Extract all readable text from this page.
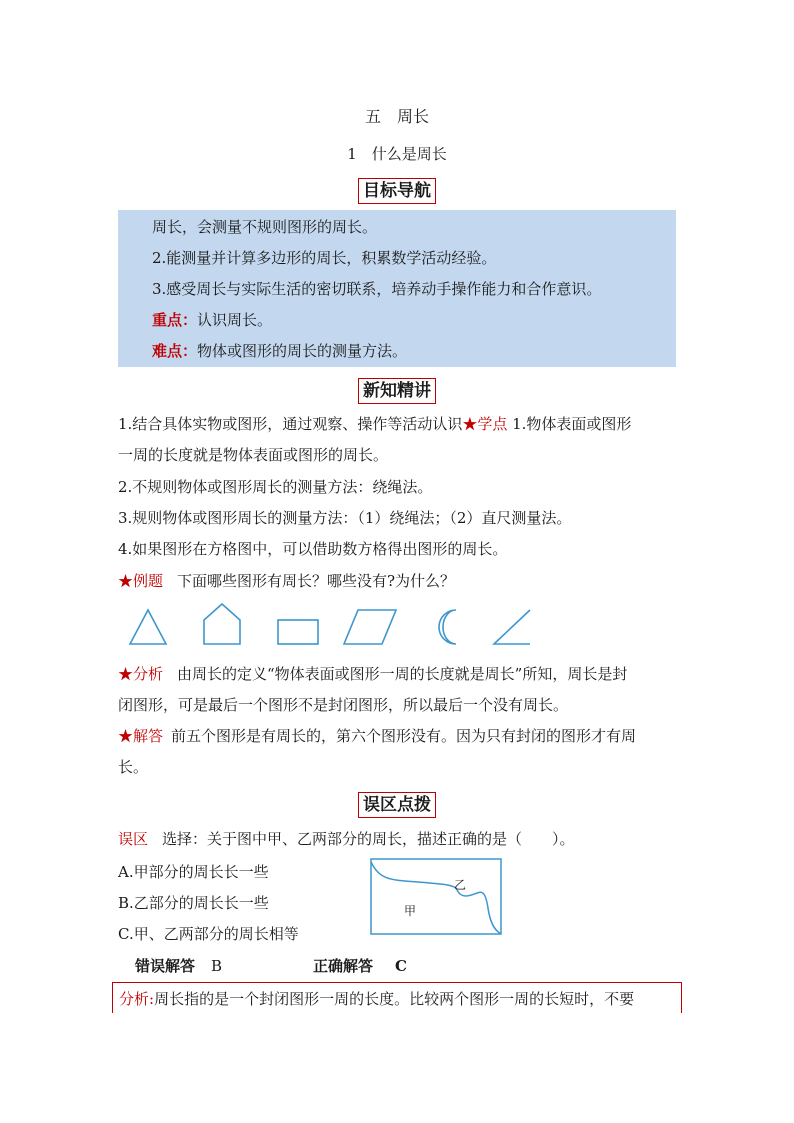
五　周长
1　什么是周长
目标导航
周长，会测量不规则图形的周长。
2.能测量并计算多边形的周长，积累数学活动经验。
3.感受周长与实际生活的密切联系，培养动手操作能力和合作意识。
重点：认识周长。
难点：物体或图形的周长的测量方法。
新知精讲
1.结合具体实物或图形，通过观察、操作等活动认识★学点 1.物体表面或图形
一周的长度就是物体表面或图形的周长。
2.不规则物体或图形周长的测量方法：绕绳法。
3.规则物体或图形周长的测量方法：（1）绕绳法；（2）直尺测量法。
4.如果图形在方格图中，可以借助数方格得出图形的周长。
★例题 下面哪些图形有周长？哪些没有?为什么？
★分析 由周长的定义“物体表面或图形一周的长度就是周长”所知，周长是封
闭图形，可是最后一个图形不是封闭图形，所以最后一个没有周长。
★解答 前五个图形是有周长的，第六个图形没有。因为只有封闭的图形才有周
长。
误区点拨
误区 选择：关于图中甲、乙两部分的周长，描述正确的是（　　）。
A.甲部分的周长长一些
B.乙部分的周长长一些
C.甲、乙两部分的周长相等
乙
甲
错误解答 B	正确解答 C
分析:周长指的是一个封闭图形一周的长度。比较两个图形一周的长短时，不要
